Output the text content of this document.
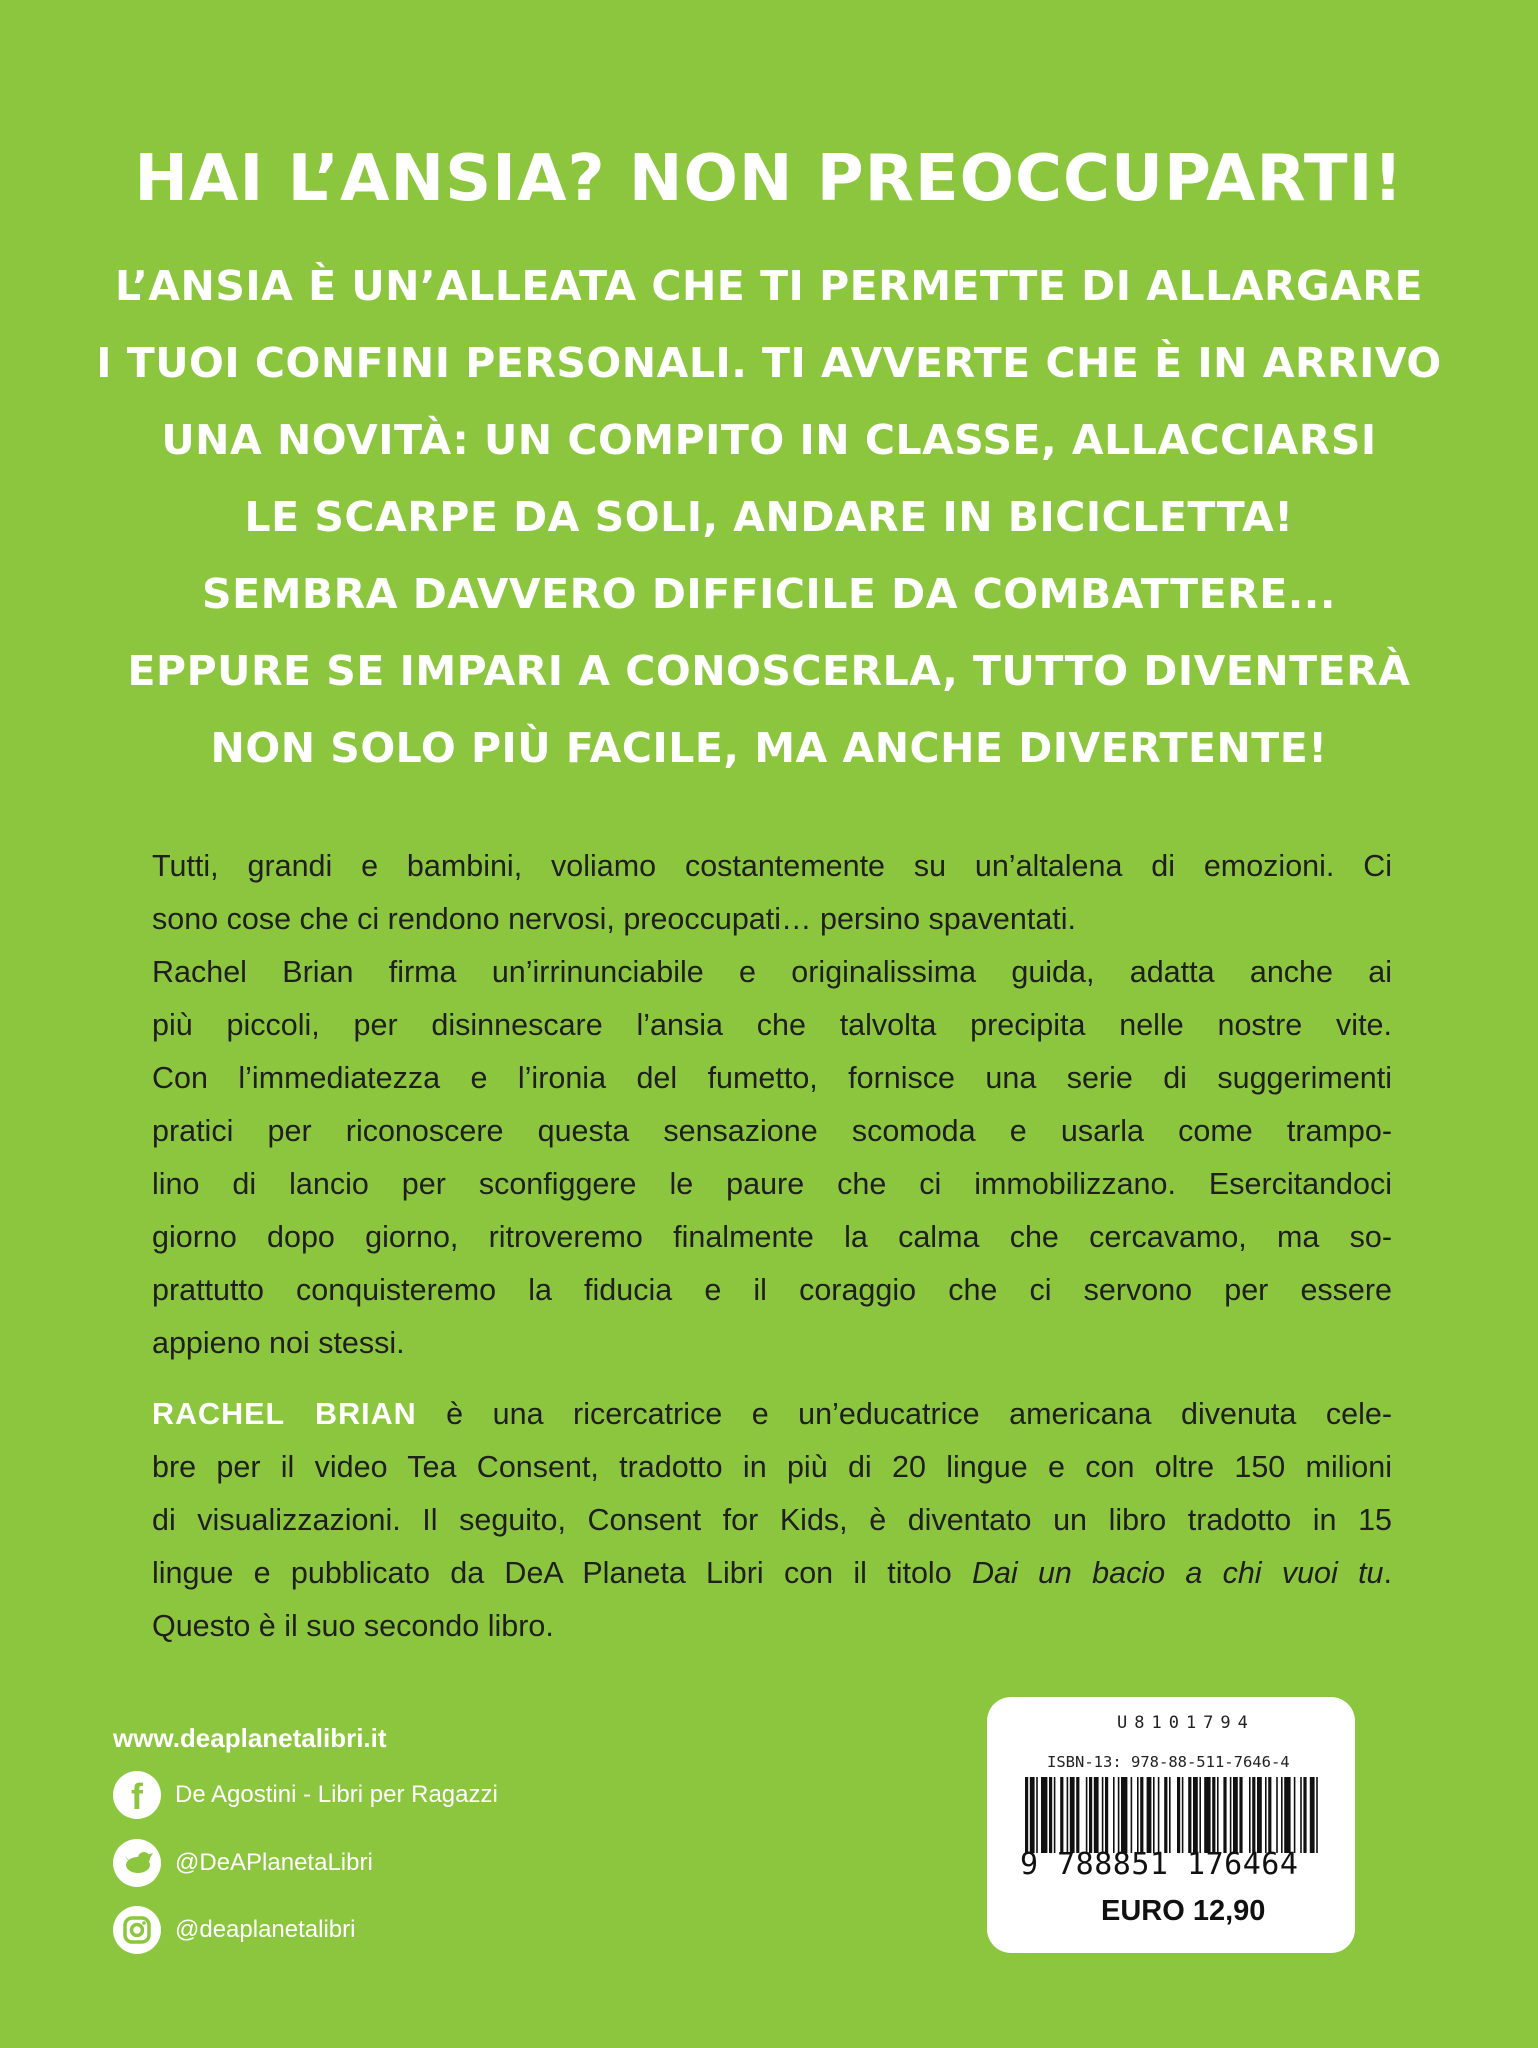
HAI L’ANSIA? NON PREOCCUPARTI!
L’ANSIA È UN’ALLEATA CHE TI PERMETTE DI ALLARGARE
I TUOI CONFINI PERSONALI. TI AVVERTE CHE È IN ARRIVO
UNA NOVITÀ: UN COMPITO IN CLASSE, ALLACCIARSI
LE SCARPE DA SOLI, ANDARE IN BICICLETTA!
SEMBRA DAVVERO DIFFICILE DA COMBATTERE...
EPPURE SE IMPARI A CONOSCERLA, TUTTO DIVENTERÀ
NON SOLO PIÙ FACILE, MA ANCHE DIVERTENTE!
Tutti, grandi e bambini, voliamo costantemente su un’altalena di emozioni. Ci
sono cose che ci rendono nervosi, preoccupati… persino spaventati.
Rachel Brian firma un’irrinunciabile e originalissima guida, adatta anche ai
più piccoli, per disinnescare l’ansia che talvolta precipita nelle nostre vite.
Con l’immediatezza e l’ironia del fumetto, fornisce una serie di suggerimenti
pratici per riconoscere questa sensazione scomoda e usarla come trampo-
lino di lancio per sconfiggere le paure che ci immobilizzano. Esercitandoci
giorno dopo giorno, ritroveremo finalmente la calma che cercavamo, ma so-
prattutto conquisteremo la fiducia e il coraggio che ci servono per essere
appieno noi stessi.
RACHEL BRIAN è una ricercatrice e un’educatrice americana divenuta cele-
bre per il video Tea Consent, tradotto in più di 20 lingue e con oltre 150 milioni
di visualizzazioni. Il seguito, Consent for Kids, è diventato un libro tradotto in 15
lingue e pubblicato da DeA Planeta Libri con il titolo Dai un bacio a chi vuoi tu.
Questo è il suo secondo libro.
www.deaplanetalibri.it
f De Agostini - Libri per Ragazzi
@DeAPlanetaLibri
@deaplanetalibri
U8101794
ISBN-13: 978-88-511-7646-4
9 788851 176464
EURO 12,90
